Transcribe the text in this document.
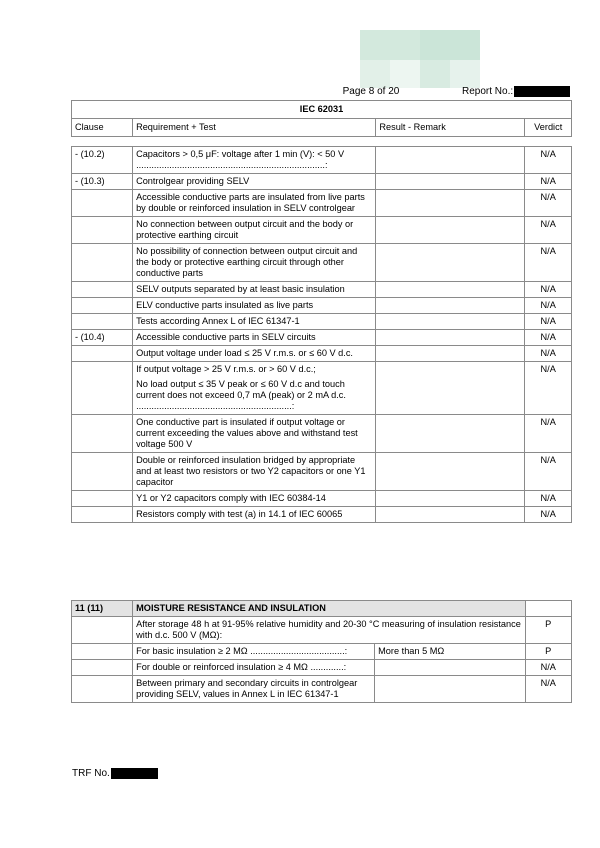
Page 8 of 20	Report No.:
IEC 62031			
Clause	Requirement + Test	Result - Remark	Verdict

- (10.2)	Capacitors > 0,5 μF: voltage after 1 min (V): < 50 V ..........................................................................:		N/A
- (10.3)	Controlgear providing SELV		N/A

	Accessible conductive parts are insulated from live parts by double or reinforced insulation in SELV controlgear		N/A

	No connection between output circuit and the body or protective earthing circuit		N/A

	No possibility of connection between output circuit and the body or protective earthing circuit through other conductive parts		N/A

	SELV outputs separated by at least basic insulation		N/A

	ELV conductive parts insulated as live parts		N/A

	Tests according Annex L of IEC 61347-1		N/A
- (10.4)	Accessible conductive parts in SELV circuits		N/A

	Output voltage under load ≤ 25 V r.m.s. or ≤ 60 V d.c.		N/A

	If output voltage > 25 V r.m.s. or > 60 V d.c.;
No load output ≤ 35 V peak or ≤ 60 V d.c and touch current does not exceed 0,7 mA (peak) or 2 mA d.c. .............................................................:		N/A

	One conductive part is insulated if output voltage or current exceeding the values above and withstand test voltage 500 V		N/A

	Double or reinforced insulation bridged by appropriate and at least two resistors or two Y2 capacitors or one Y1 capacitor		N/A

	Y1 or Y2 capacitors comply with IEC 60384-14		N/A

	Resistors comply with test (a) in 14.1 of IEC 60065		N/A
11 (11)	MOISTURE RESISTANCE AND INSULATION		

	After storage 48 h at 91-95% relative humidity and 20-30 °C measuring of insulation resistance with d.c. 500 V (MΩ):		P

	For basic insulation ≥ 2 MΩ .....................................:	More than 5 MΩ	P

	For double or reinforced insulation ≥ 4 MΩ .............:		N/A

	Between primary and secondary circuits in controlgear providing SELV, values in Annex L in IEC 61347-1		N/A
TRF No.
